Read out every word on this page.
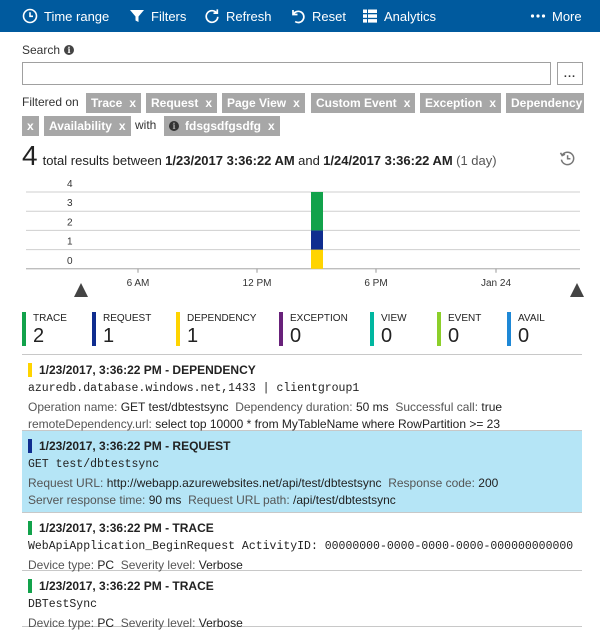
Time range	Filters	Refresh	Reset	Analytics	More
Search i
...
Filtered on Trace x Request x Page View x Custom Event x Exception x Dependency
x Availability x with	i fdsgsdfgsdfg x
4 total results between
1/23/2017 3:36:22 AM
and
1/24/2017 3:36:22 AM
(1 day)
0
1
2
3
4
6 AM	12 PM	6 PM	Jan 24
TRACE
2
REQUEST
1
DEPENDENCY
1
EXCEPTION
0
VIEW
0
EVENT
0
AVAIL
0
1/23/2017, 3:36:22 PM - DEPENDENCY
azuredb.database.windows.net,1433 | clientgroup1
Operation name: GET test/dbtestsync  Dependency duration: 50 ms  Successful call: true
remoteDependency.url: select top 10000 * from MyTableName where RowPartition >= 23
1/23/2017, 3:36:22 PM - REQUEST
GET test/dbtestsync
Request URL: http://webapp.azurewebsites.net/api/test/dbtestsync  Response code: 200
Server response time: 90 ms  Request URL path: /api/test/dbtestsync
1/23/2017, 3:36:22 PM - TRACE
WebApiApplication_BeginRequest ActivityID: 00000000-0000-0000-0000-000000000000
Device type: PC  Severity level: Verbose
1/23/2017, 3:36:22 PM - TRACE
DBTestSync
Device type: PC  Severity level: Verbose
